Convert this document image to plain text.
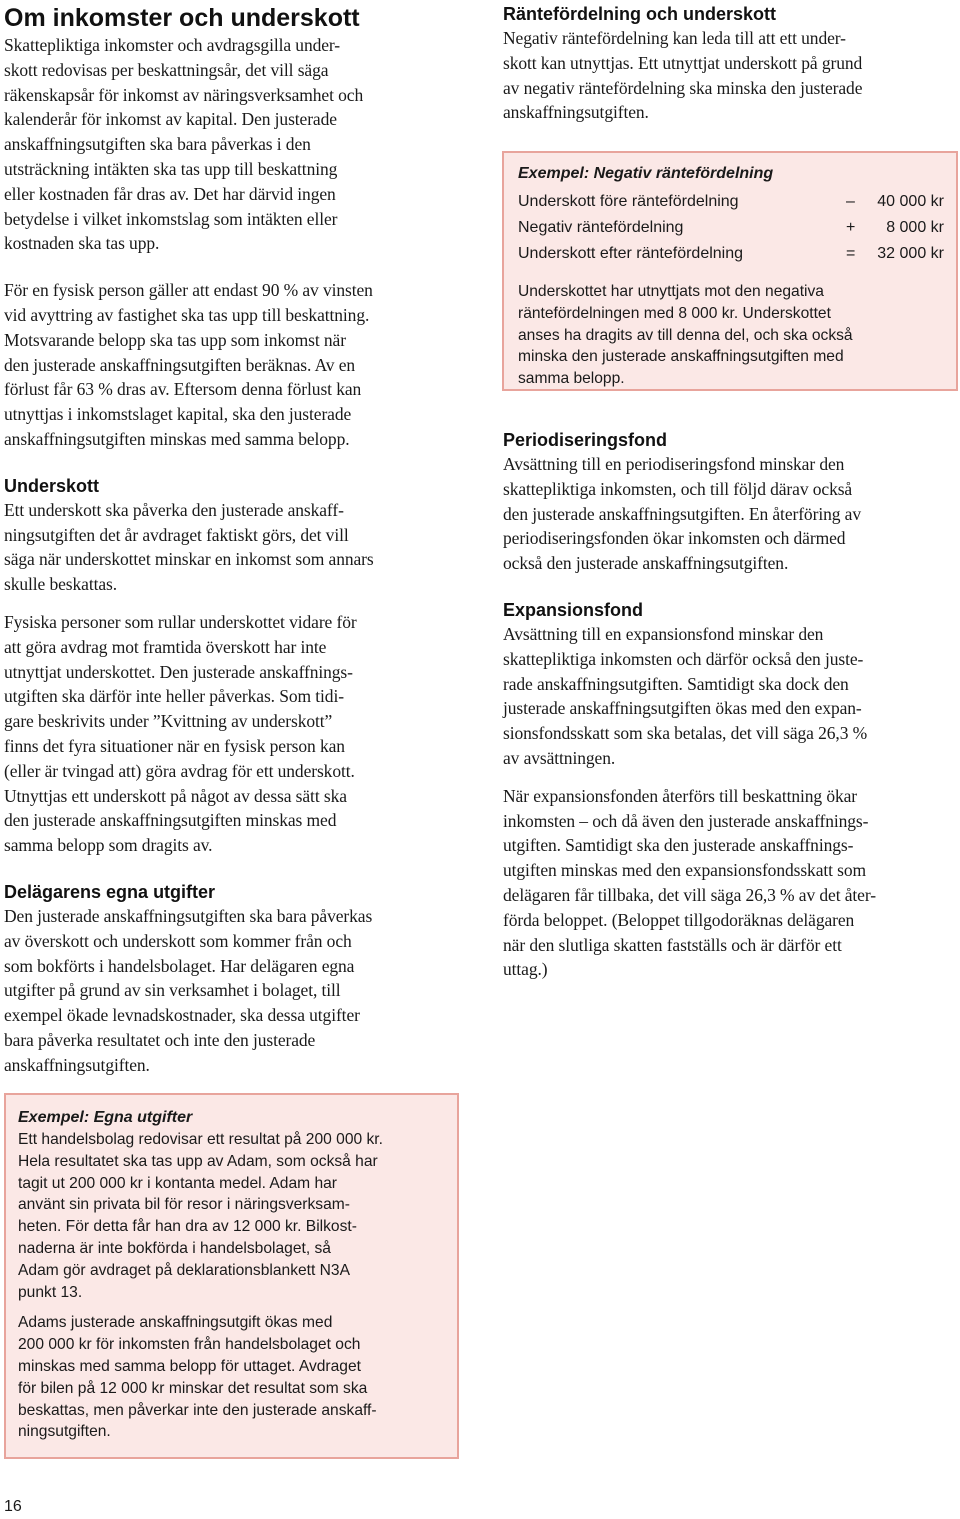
Om inkomster och underskott
Skattepliktiga inkomster och avdragsgilla under-
skott redovisas per beskattningsår, det vill säga
räkenskapsår för inkomst av näringsverksamhet och
kalenderår för inkomst av kapital. Den justerade
anskaffningsutgiften ska bara påverkas i den
utsträckning intäkten ska tas upp till beskattning
eller kostnaden får dras av. Det har därvid ingen
betydelse i vilket inkomstslag som intäkten eller
kostnaden ska tas upp.
För en fysisk person gäller att endast 90 % av vinsten
vid avyttring av fastighet ska tas upp till beskattning.
Motsvarande belopp ska tas upp som inkomst när
den justerade anskaffningsutgiften beräknas. Av en
förlust får 63 % dras av. Eftersom denna förlust kan
utnyttjas i inkomstslaget kapital, ska den justerade
anskaffningsutgiften minskas med samma belopp.
Underskott
Ett underskott ska påverka den justerade anskaff-
ningsutgiften det år avdraget faktiskt görs, det vill
säga när underskottet minskar en inkomst som annars
skulle beskattas.
Fysiska personer som rullar underskottet vidare för
att göra avdrag mot framtida överskott har inte
utnyttjat underskottet. Den justerade anskaffnings-
utgiften ska därför inte heller påverkas. Som tidi-
gare beskrivits under ”Kvittning av underskott”
finns det fyra situationer när en fysisk person kan
(eller är tvingad att) göra avdrag för ett underskott.
Utnyttjas ett underskott på något av dessa sätt ska
den justerade anskaffningsutgiften minskas med
samma belopp som dragits av.
Delägarens egna utgifter
Den justerade anskaffningsutgiften ska bara påverkas
av överskott och underskott som kommer från och
som bokförts i handelsbolaget. Har delägaren egna
utgifter på grund av sin verksamhet i bolaget, till
exempel ökade levnadskostnader, ska dessa utgifter
bara påverka resultatet och inte den justerade
anskaffningsutgiften.
Exempel: Egna utgifter
Ett handelsbolag redovisar ett resultat på 200 000 kr.
Hela resultatet ska tas upp av Adam, som också har
tagit ut 200 000 kr i kontanta medel. Adam har
använt sin privata bil för resor i näringsverksam-
heten. För detta får han dra av 12 000 kr. Bilkost-
naderna är inte bokförda i handelsbolaget, så
Adam gör avdraget på deklarationsblankett N3A
punkt 13.
Adams justerade anskaffningsutgift ökas med
200 000 kr för inkomsten från handelsbolaget och
minskas med samma belopp för uttaget. Avdraget
för bilen på 12 000 kr minskar det resultat som ska
beskattas, men påverkar inte den justerade anskaff-
ningsutgiften.
Räntefördelning och underskott
Negativ räntefördelning kan leda till att ett under-
skott kan utnyttjas. Ett utnyttjat underskott på grund
av negativ räntefördelning ska minska den justerade
anskaffningsutgiften.
Exempel: Negativ räntefördelning
Underskott före räntefördelning	–	40 000 kr
Negativ räntefördelning	+	8 000 kr
Underskott efter räntefördelning	=	32 000 kr
Underskottet har utnyttjats mot den negativa
räntefördelningen med 8 000 kr. Underskottet
anses ha dragits av till denna del, och ska också
minska den justerade anskaffningsutgiften med
samma belopp.
Periodiseringsfond
Avsättning till en periodiseringsfond minskar den
skattepliktiga inkomsten, och till följd därav också
den justerade anskaffningsutgiften. En återföring av
periodiseringsfonden ökar inkomsten och därmed
också den justerade anskaffningsutgiften.
Expansionsfond
Avsättning till en expansionsfond minskar den
skattepliktiga inkomsten och därför också den juste-
rade anskaffningsutgiften. Samtidigt ska dock den
justerade anskaffningsutgiften ökas med den expan-
sionsfondsskatt som ska betalas, det vill säga 26,3 %
av avsättningen.
När expansionsfonden återförs till beskattning ökar
inkomsten – och då även den justerade anskaffnings-
utgiften. Samtidigt ska den justerade anskaffnings-
utgiften minskas med den expansionsfondsskatt som
delägaren får tillbaka, det vill säga 26,3 % av det åter-
förda beloppet. (Beloppet tillgodoräknas delägaren
när den slutliga skatten fastställs och är därför ett
uttag.)
16
